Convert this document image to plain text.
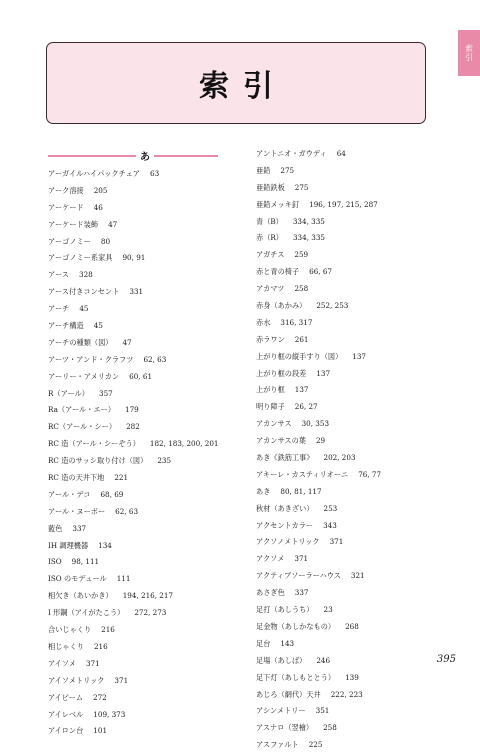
索引
索引
あ
アーガイルハイパックチェア 63
アーク溶接 205
アーケード 46
アーケード装飾 47
アーゴノミー 80
アーゴノミー系家具 90, 91
アース 328
アース付きコンセント 331
アーチ 45
アーチ構造 45
アーチの種類（図） 47
アーツ・アンド・クラフツ 62, 63
アーリー・アメリカン 60, 61
R（アール） 357
Ra（アール・エー） 179
RC（アール・シー） 282
RC 造（アール・シーぞう） 182, 183, 200, 201
RC 造のサッシ取り付け（図） 235
RC 造の天井下地 221
アール・デコ 68, 69
アール・ヌーボー 62, 63
藍色 337
IH 調理機器 134
ISO 98, 111
ISO のモデュール 111
相欠き（あいかき） 194, 216, 217
I 形鋼（アイがたこう） 272, 273
合いじゃくり 216
相じゃくり 216
アイソメ 371
アイソメトリック 371
アイビーム 272
アイレベル 109, 373
アイロン台 101
アントニオ・ガウディ 64
亜鉛 275
亜鉛鉄板 275
亜鉛メッキ釘 196, 197, 215, 287
青（B） 334, 335
赤（R） 334, 335
アガチス 259
赤と青の椅子 66, 67
アカマツ 258
赤身（あかみ） 252, 253
赤水 316, 317
赤ラワン 261
上がり框の縦手すり（図） 137
上がり框の段差 137
上がり框 137
明り障子 26, 27
アカンサス 30, 353
アカンサスの葉 29
あき《鉄筋工事》 202, 203
アキーレ・カスティリオーニ 76, 77
あき 80, 81, 117
秋材（あきざい） 253
アクセントカラー 343
アクソノメトリック 371
アクソメ 371
アクティブソーラーハウス 321
あさぎ色 337
足打（あしうち） 23
足金物（あしかなもの） 268
足台 143
足場（あしば） 246
足下灯（あしもととう） 139
あじろ（網代）天井 222, 223
アシンメトリー 351
アスナロ（翌檜） 258
アスファルト 225
395
